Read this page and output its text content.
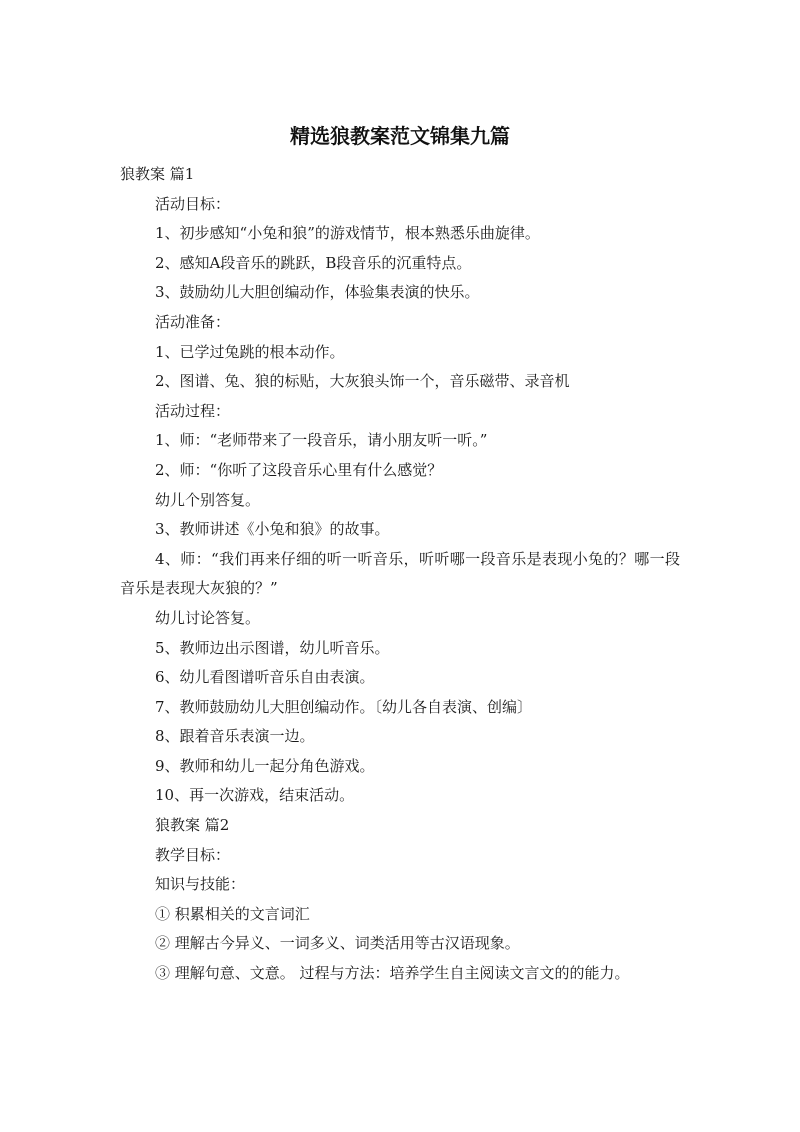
精选狼教案范文锦集九篇
狼教案 篇1
活动目标：
1、初步感知“小兔和狼”的游戏情节，根本熟悉乐曲旋律。
2、感知A段音乐的跳跃，B段音乐的沉重特点。
3、鼓励幼儿大胆创编动作，体验集表演的快乐。
活动准备：
1、已学过兔跳的根本动作。
2、图谱、兔、狼的标贴，大灰狼头饰一个，音乐磁带、录音机
活动过程：
1、师：“老师带来了一段音乐，请小朋友听一听。”
2、师：“你听了这段音乐心里有什么感觉？
幼儿个别答复。
3、教师讲述《小兔和狼》的故事。
4、师：“我们再来仔细的听一听音乐，听听哪一段音乐是表现小兔的？哪一段音乐是表现大灰狼的？”
幼儿讨论答复。
5、教师边出示图谱，幼儿听音乐。
6、幼儿看图谱听音乐自由表演。
7、教师鼓励幼儿大胆创编动作。〔幼儿各自表演、创编〕
8、跟着音乐表演一边。
9、教师和幼儿一起分角色游戏。
10、再一次游戏，结束活动。
狼教案 篇2
教学目标：
知识与技能：
① 积累相关的文言词汇
② 理解古今异义、一词多义、词类活用等古汉语现象。
③ 理解句意、文意。 过程与方法：培养学生自主阅读文言文的的能力。
